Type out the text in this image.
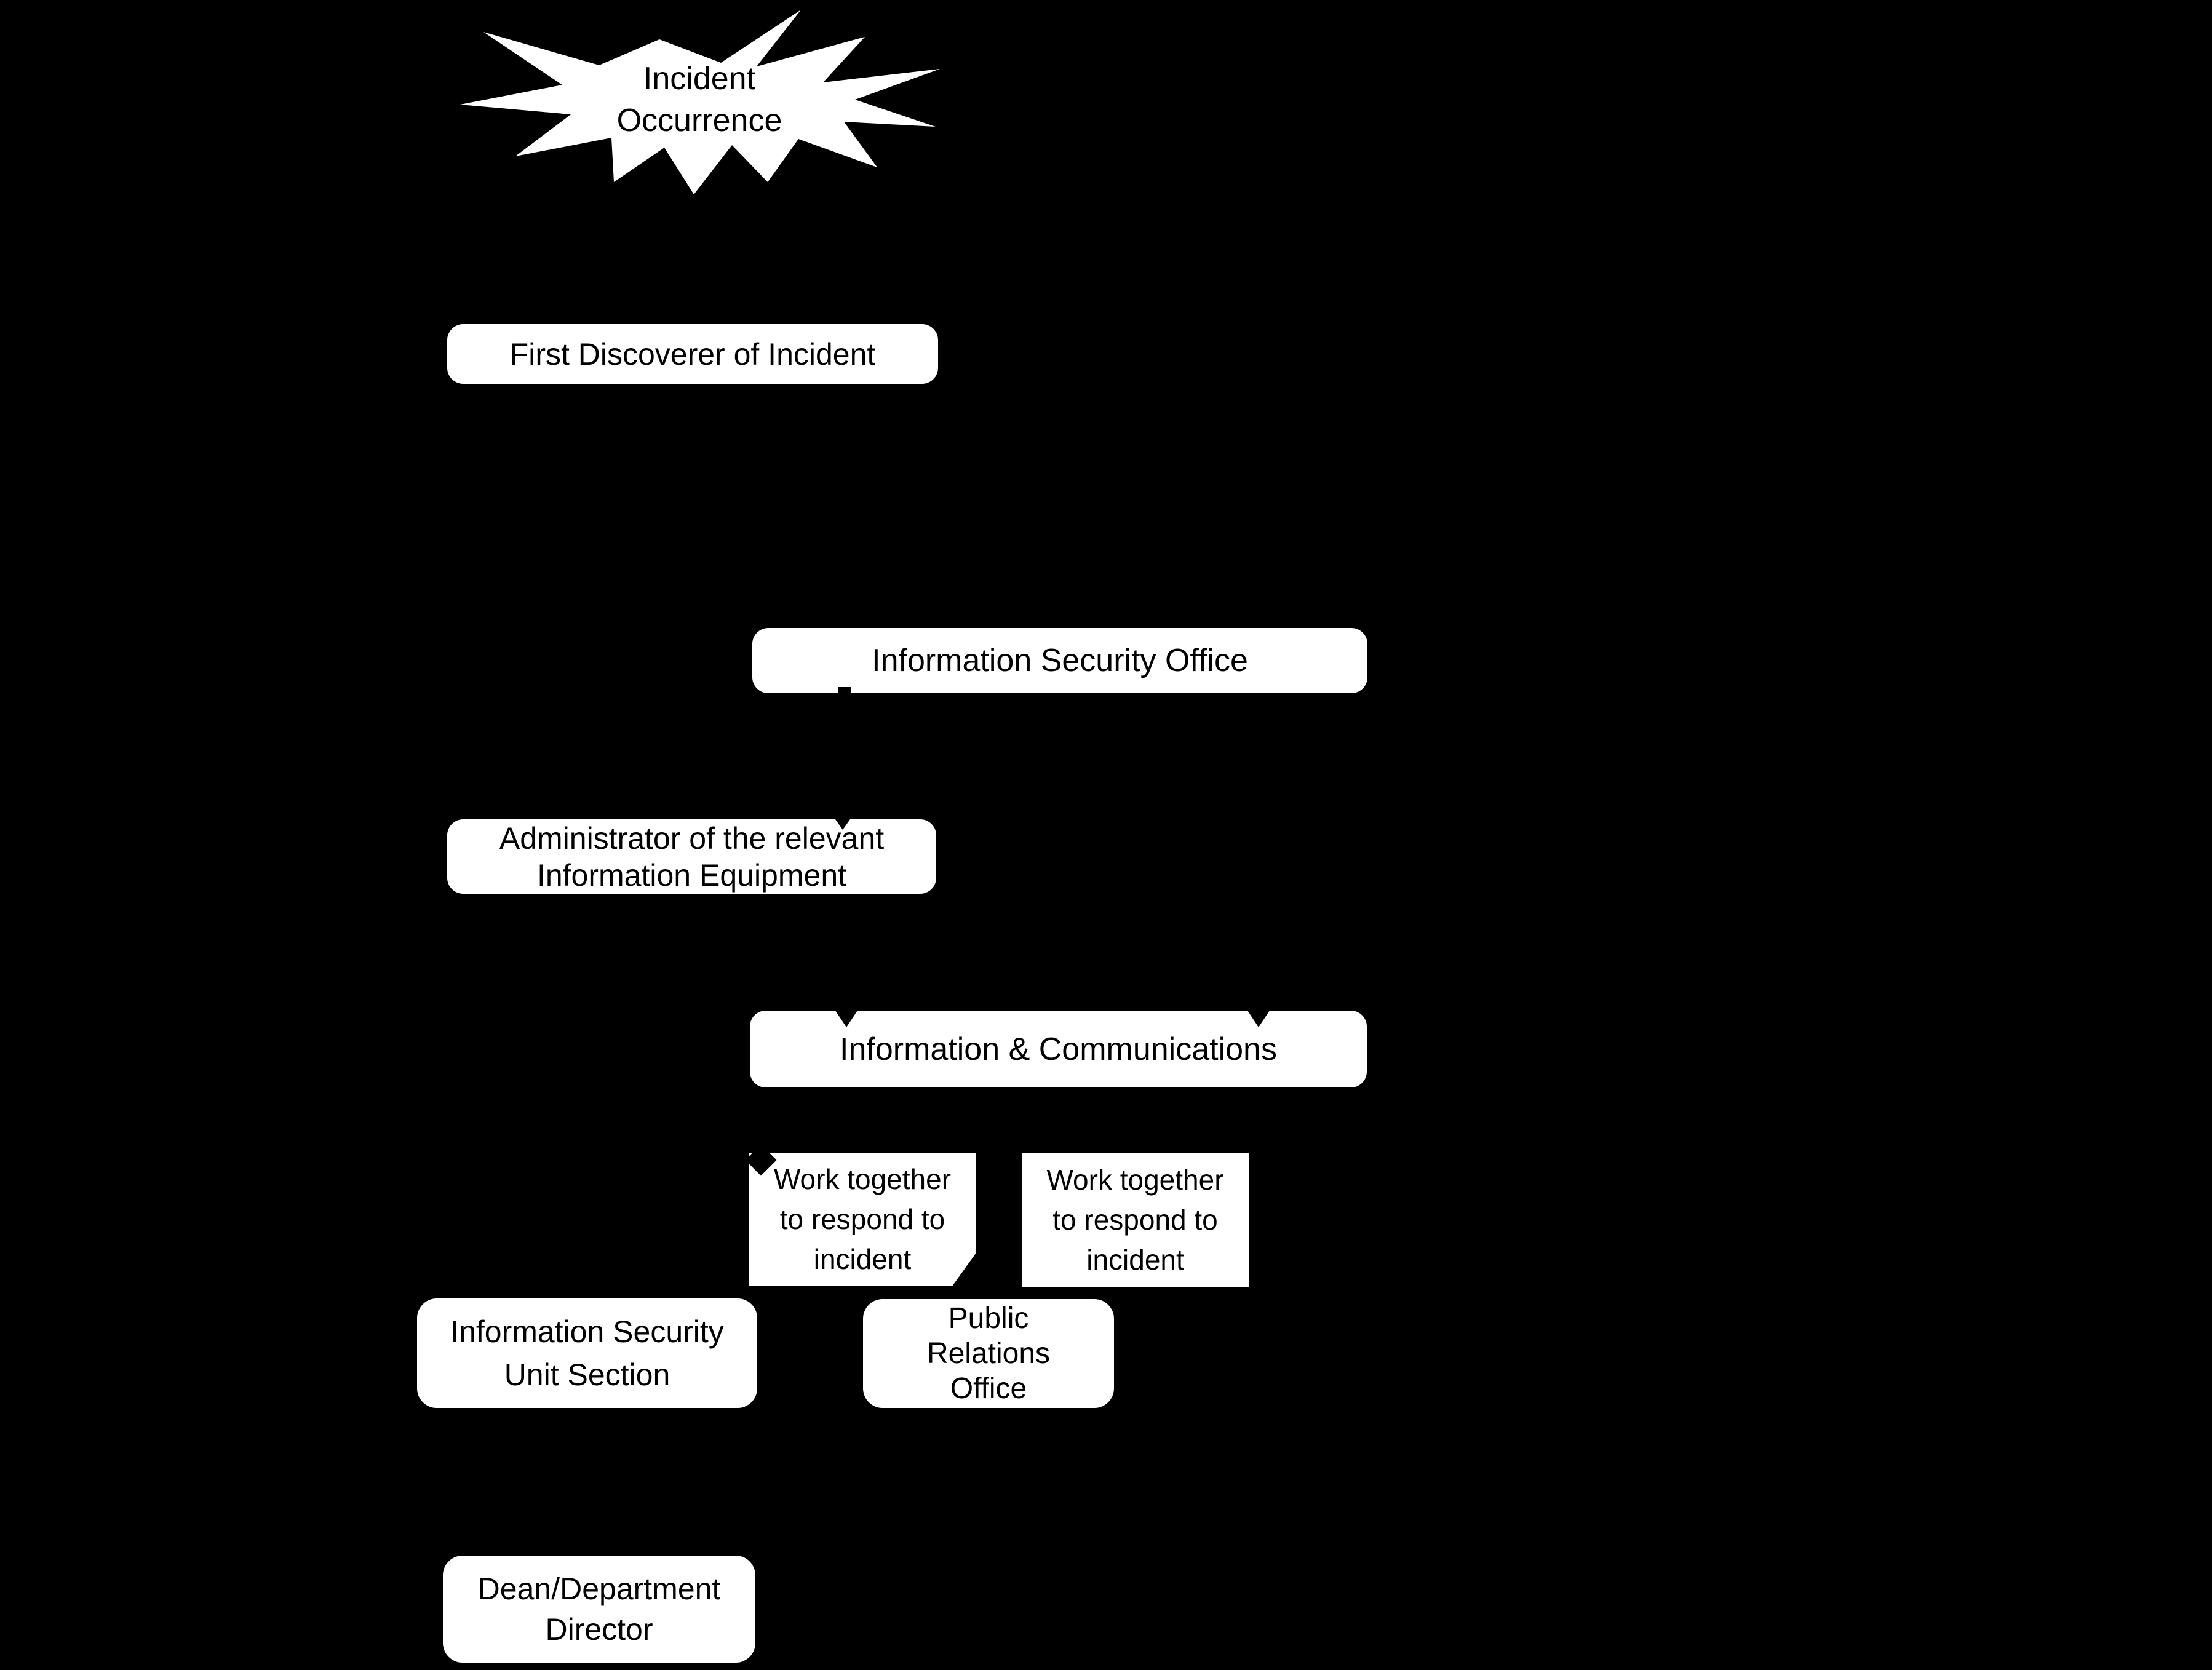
Incident Occurrence
First Discoverer of Incident
Information Security Office
Administrator of the relevant Information Equipment
Information & Communications
Work together to respond to incident
Work together to respond to incident
Information Security Unit Section
Public Relations Office
Dean/Department Director
